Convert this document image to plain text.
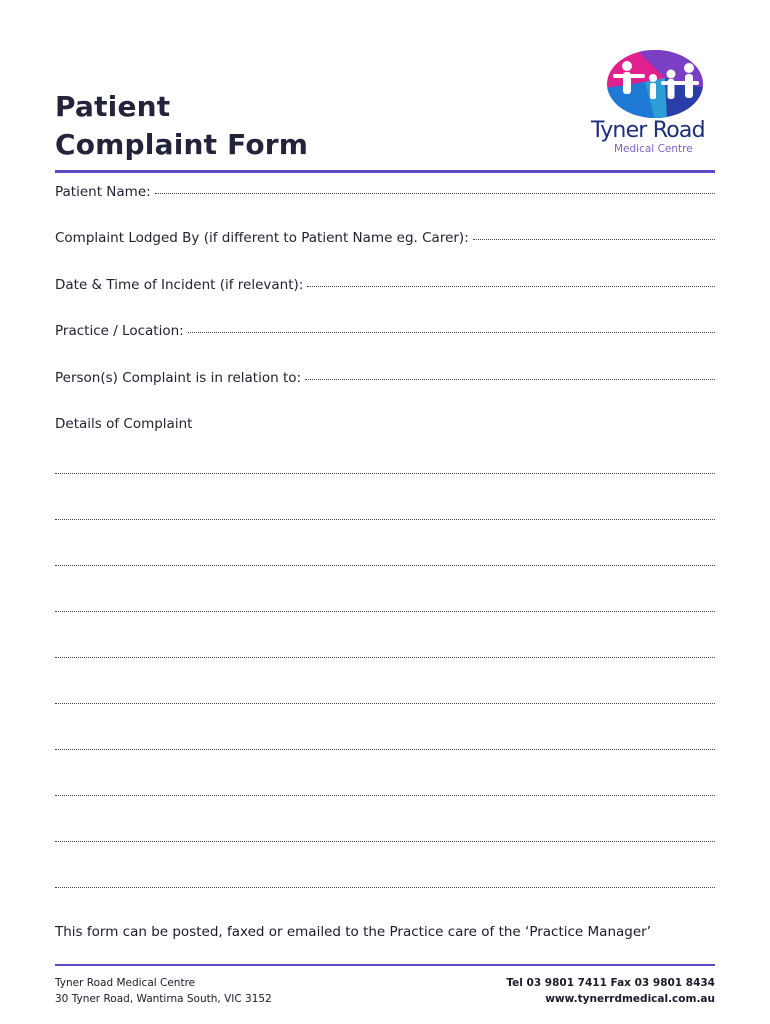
Patient
Complaint Form	Tyner Road
Medical Centre
Patient Name:
Complaint Lodged By (if different to Patient Name eg. Carer):
Date & Time of Incident (if relevant):
Practice / Location:
Person(s) Complaint is in relation to:
Details of Complaint
This form can be posted, faxed or emailed to the Practice care of the ‘Practice Manager’
Tyner Road Medical Centre
30 Tyner Road, Wantirna South, VIC 3152
Tel 03 9801 7411 Fax 03 9801 8434
www.tynerrdmedical.com.au
